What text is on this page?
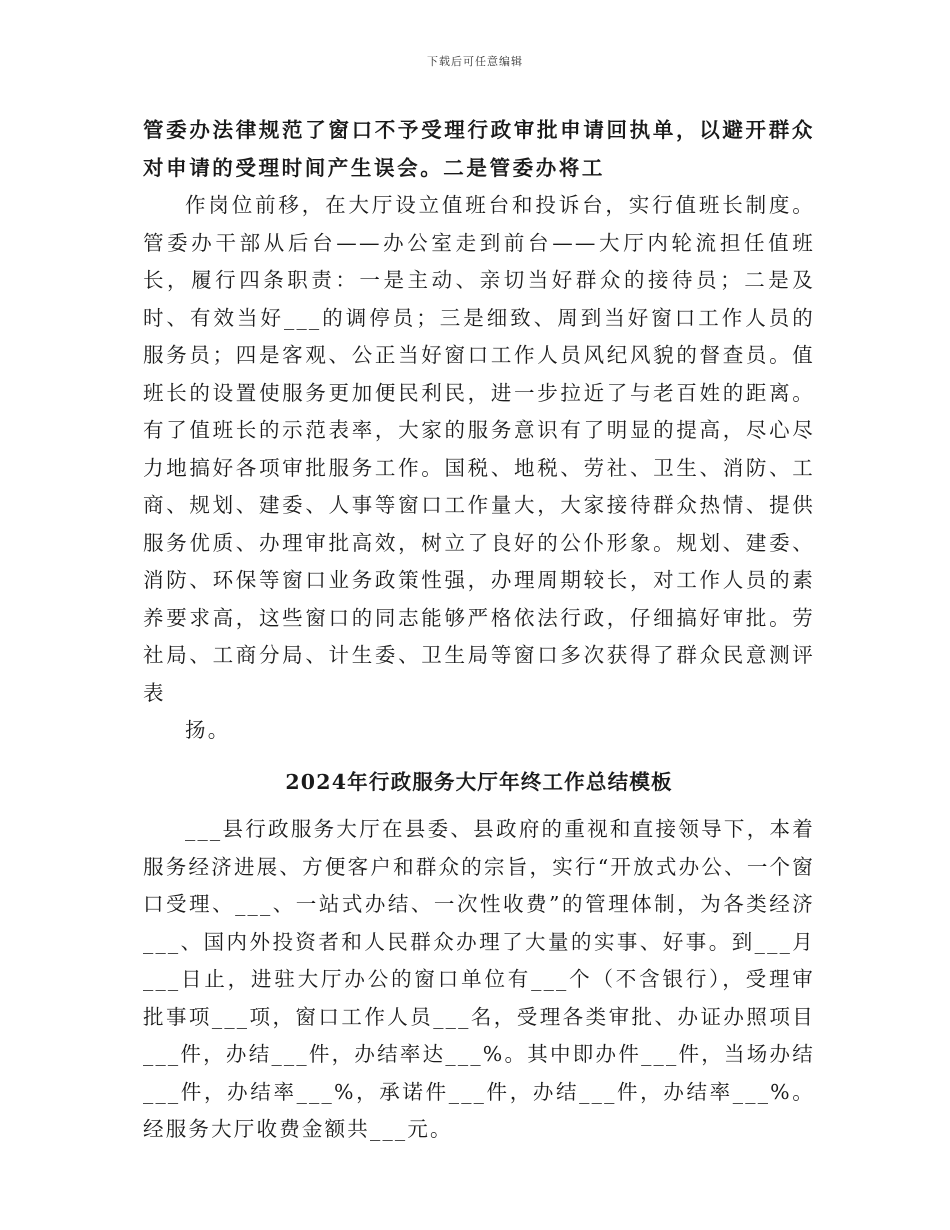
下载后可任意编辑

管委办法律规范了窗口不予受理行政审批申请回执单，以避开群众对申请的受理时间产生误会。二是管委办将工

作岗位前移，在大厅设立值班台和投诉台，实行值班长制度。管委办干部从后台——办公室走到前台——大厅内轮流担任值班长，履行四条职责：一是主动、亲切当好群众的接待员；二是及时、有效当好___的调停员；三是细致、周到当好窗口工作人员的服务员；四是客观、公正当好窗口工作人员风纪风貌的督查员。值班长的设置使服务更加便民利民，进一步拉近了与老百姓的距离。有了值班长的示范表率，大家的服务意识有了明显的提高，尽心尽力地搞好各项审批服务工作。国税、地税、劳社、卫生、消防、工商、规划、建委、人事等窗口工作量大，大家接待群众热情、提供服务优质、办理审批高效，树立了良好的公仆形象。规划、建委、消防、环保等窗口业务政策性强，办理周期较长，对工作人员的素养要求高，这些窗口的同志能够严格依法行政，仔细搞好审批。劳社局、工商分局、计生委、卫生局等窗口多次获得了群众民意测评表

扬。

2024年行政服务大厅年终工作总结模板

___县行政服务大厅在县委、县政府的重视和直接领导下，本着服务经济进展、方便客户和群众的宗旨，实行“开放式办公、一个窗口受理、___、一站式办结、一次性收费”的管理体制，为各类经济___、国内外投资者和人民群众办理了大量的实事、好事。到___月___日止，进驻大厅办公的窗口单位有___个（不含银行），受理审批事项___项，窗口工作人员___名，受理各类审批、办证办照项目___件，办结___件，办结率达___%。其中即办件___件，当场办结___件，办结率___%，承诺件___件，办结___件，办结率___%。经服务大厅收费金额共___元。
